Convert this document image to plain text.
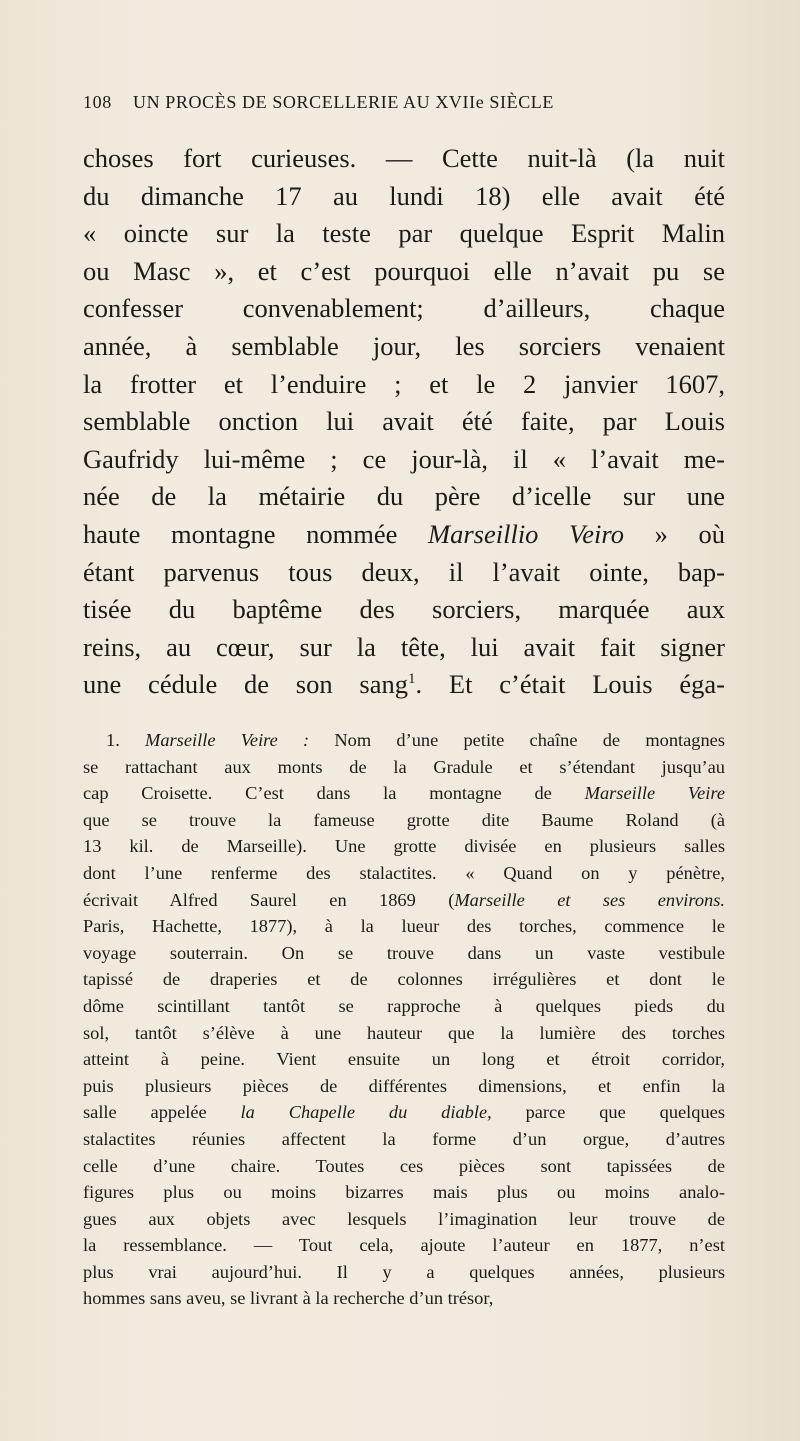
108 UN PROCÈS DE SORCELLERIE AU XVIIe SIÈCLE

choses fort curieuses. — Cette nuit-là (la nuit

du dimanche 17 au lundi 18) elle avait été

« oincte sur la teste par quelque Esprit Malin

ou Masc », et c’est pourquoi elle n’avait pu se

confesser convenablement; d’ailleurs, chaque

année, à semblable jour, les sorciers venaient

la frotter et l’enduire ; et le 2 janvier 1607,

semblable onction lui avait été faite, par Louis

Gaufridy lui-même ; ce jour-là, il « l’avait me-

née de la métairie du père d’icelle sur une

haute montagne nommée Marseillio Veiro » où

étant parvenus tous deux, il l’avait ointe, bap-

tisée du baptême des sorciers, marquée aux

reins, au cœur, sur la tête, lui avait fait signer

une cédule de son sang$^1$. Et c’était Louis éga-

1. Marseille Veire : Nom d’une petite chaîne de montagnes

se rattachant aux monts de la Gradule et s’étendant jusqu’au

cap Croisette. C’est dans la montagne de Marseille Veire

que se trouve la fameuse grotte dite Baume Roland (à

13 kil. de Marseille). Une grotte divisée en plusieurs salles

dont l’une renferme des stalactites. « Quand on y pénètre,

écrivait Alfred Saurel en 1869 (Marseille et ses environs.

Paris, Hachette, 1877), à la lueur des torches, commence le

voyage souterrain. On se trouve dans un vaste vestibule

tapissé de draperies et de colonnes irrégulières et dont le

dôme scintillant tantôt se rapproche à quelques pieds du

sol, tantôt s’élève à une hauteur que la lumière des torches

atteint à peine. Vient ensuite un long et étroit corridor,

puis plusieurs pièces de différentes dimensions, et enfin la

salle appelée la Chapelle du diable, parce que quelques

stalactites réunies affectent la forme d’un orgue, d’autres

celle d’une chaire. Toutes ces pièces sont tapissées de

figures plus ou moins bizarres mais plus ou moins analo-

gues aux objets avec lesquels l’imagination leur trouve de

la ressemblance. — Tout cela, ajoute l’auteur en 1877, n’est

plus vrai aujourd’hui. Il y a quelques années, plusieurs

hommes sans aveu, se livrant à la recherche d’un trésor,
